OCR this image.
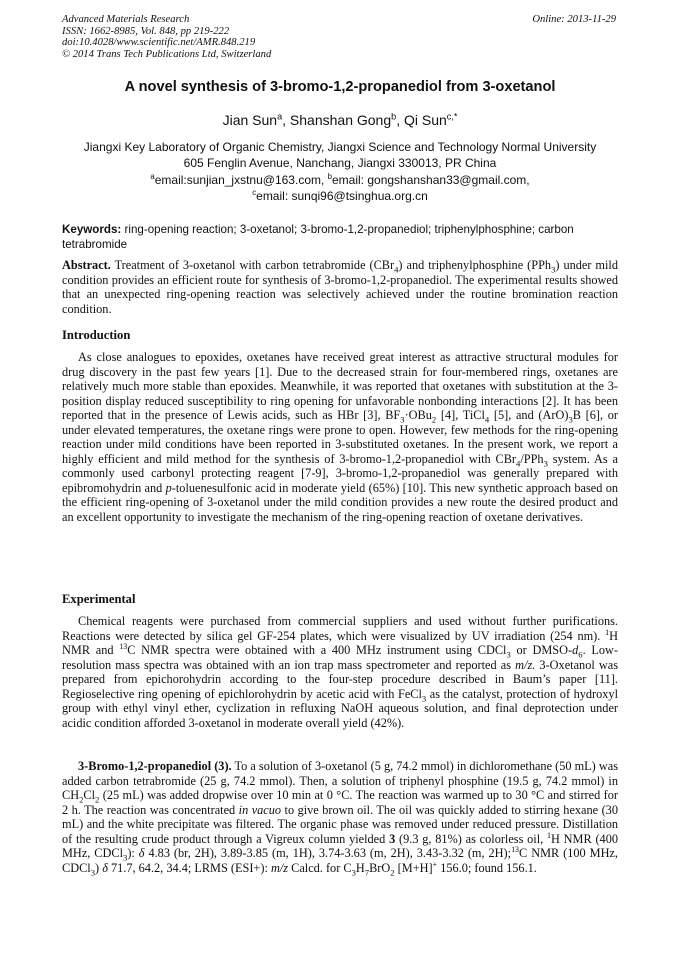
Advanced Materials Research
ISSN: 1662-8985, Vol. 848, pp 219-222
doi:10.4028/www.scientific.net/AMR.848.219
© 2014 Trans Tech Publications Ltd, Switzerland
Online: 2013-11-29
A novel synthesis of 3-bromo-1,2-propanediol from 3-oxetanol
Jian Sun$^a$, Shanshan Gong$^b$, Qi Sun$^{c,*}$
Jiangxi Key Laboratory of Organic Chemistry, Jiangxi Science and Technology Normal University
605 Fenglin Avenue, Nanchang, Jiangxi 330013, PR China
$^a$email:sunjian_jxstnu@163.com, $^b$email: gongshanshan33@gmail.com,
$^c$email: sunqi96@tsinghua.org.cn
Keywords: ring-opening reaction; 3-oxetanol; 3-bromo-1,2-propanediol; triphenylphosphine; carbon tetrabromide
Abstract. Treatment of 3-oxetanol with carbon tetrabromide (CBr$_4$) and triphenylphosphine (PPh$_3$) under mild condition provides an efficient route for synthesis of 3-bromo-1,2-propanediol. The experimental results showed that an unexpected ring-opening reaction was selectively achieved under the routine bromination reaction condition.
Introduction
As close analogues to epoxides, oxetanes have received great interest as attractive structural modules for drug discovery in the past few years [1]. Due to the decreased strain for four-membered rings, oxetanes are relatively much more stable than epoxides. Meanwhile, it was reported that oxetanes with substitution at the 3-position display reduced susceptibility to ring opening for unfavorable nonbonding interactions [2]. It has been reported that in the presence of Lewis acids, such as HBr [3], $BF_3\cdot OBu_2$ [4], TiCl$_4$ [5], and $(ArO)_3B$ [6], or under elevated temperatures, the oxetane rings were prone to open. However, few methods for the ring-opening reaction under mild conditions have been reported in 3-substituted oxetanes. In the present work, we report a highly efficient and mild method for the synthesis of 3-bromo-1,2-propanediol with CBr$_4$/PPh$_3$ system. As a commonly used carbonyl protecting reagent [7-9], 3-bromo-1,2-propanediol was generally prepared with epibromohydrin and p-toluenesulfonic acid in moderate yield (65%) [10]. This new synthetic approach based on the efficient ring-opening of 3-oxetanol under the mild condition provides a new route the desired product and an excellent opportunity to investigate the mechanism of the ring-opening reaction of oxetane derivatives.
Experimental
Chemical reagents were purchased from commercial suppliers and used without further purifications. Reactions were detected by silica gel GF-254 plates, which were visualized by UV irradiation (254 nm). $^1$H NMR and $^{13}$C NMR spectra were obtained with a 400 MHz instrument using CDCl$_3$ or DMSO-$d_6$. Low-resolution mass spectra was obtained with an ion trap mass spectrometer and reported as m/z. 3-Oxetanol was prepared from epichorohydrin according to the four-step procedure described in Baum’s paper [11]. Regioselective ring opening of epichlorohydrin by acetic acid with FeCl$_3$ as the catalyst, protection of hydroxyl group with ethyl vinyl ether, cyclization in refluxing NaOH aqueous solution, and final deprotection under acidic condition afforded 3-oxetanol in moderate overall yield (42%).
3-Bromo-1,2-propanediol (3). To a solution of 3-oxetanol (5 g, 74.2 mmol) in dichloromethane (50 mL) was added carbon tetrabromide (25 g, 74.2 mmol). Then, a solution of triphenyl phosphine (19.5 g, 74.2 mmol) in $CH_2Cl_2$ (25 mL) was added dropwise over 10 min at 0 °C. The reaction was warmed up to 30 °C and stirred for 2 h. The reaction was concentrated in vacuo to give brown oil. The oil was quickly added to stirring hexane (30 mL) and the white precipitate was filtered. The organic phase was removed under reduced pressure. Distillation of the resulting crude product through a Vigreux column yielded 3 (9.3 g, 81%) as colorless oil, $^1$H NMR (400 MHz, CDCl$_3$): δ 4.83 (br, 2H), 3.89-3.85 (m, 1H), 3.74-3.63 (m, 2H), 3.43-3.32 (m, 2H);$^{13}$C NMR (100 MHz, CDCl$_3$) δ 71.7, 64.2, 34.4; LRMS (ESI+): m/z Calcd. for $C_3H_7BrO_2$ [M+H]+ 156.0; found 156.1.
